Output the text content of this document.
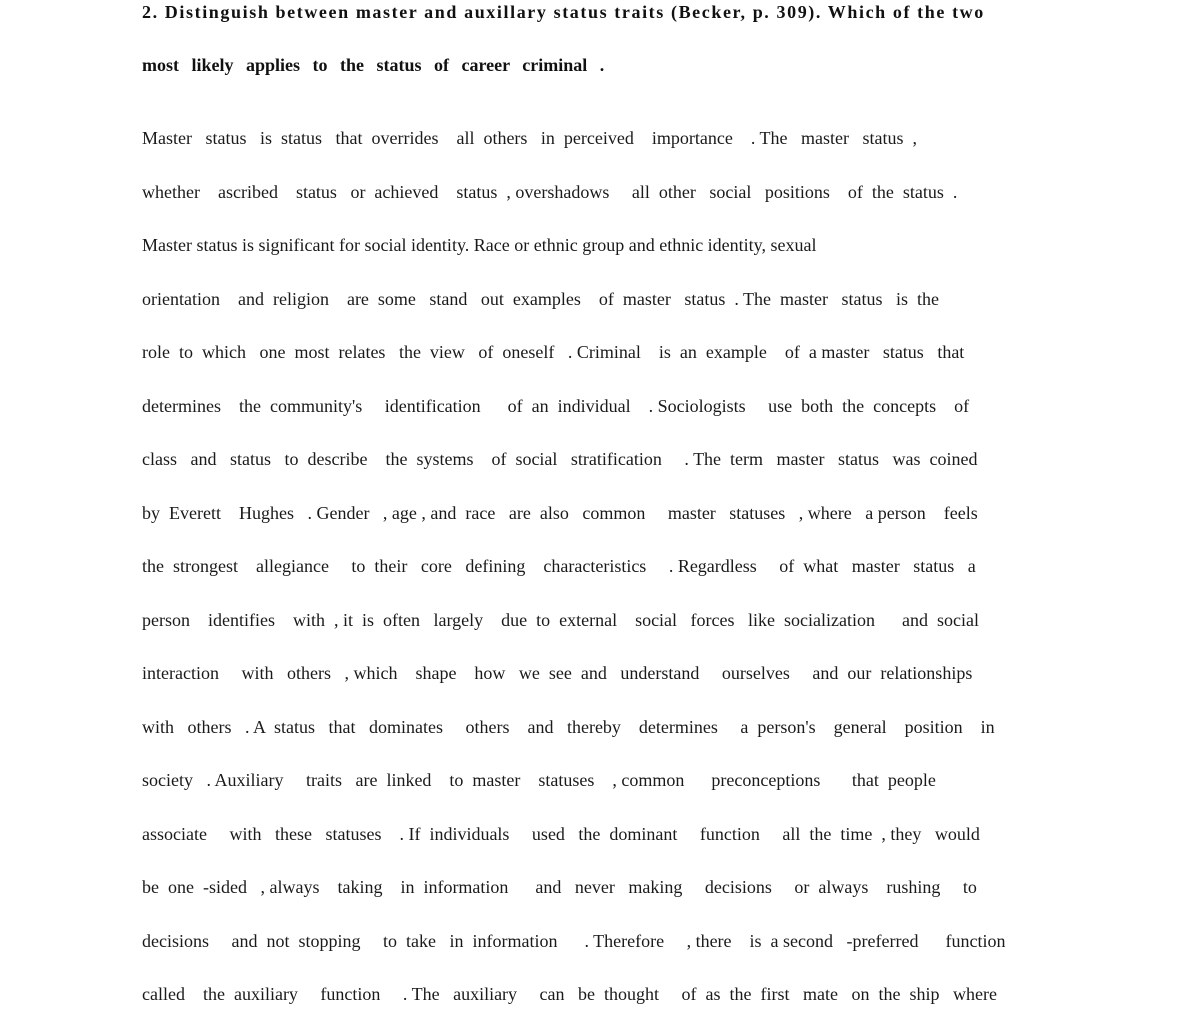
2. Distinguish between master and auxillary status traits (Becker, p. 309). Which of the two
most likely applies to the status of career criminal .
Master   status   is  status   that  overrides    all  others   in  perceived    importance    . The   master   status  ,
whether    ascribed    status   or  achieved    status  , overshadows     all  other   social   positions    of  the  status  .
Master status is significant for social identity. Race or ethnic group and ethnic identity, sexual
orientation    and  religion    are  some   stand   out  examples    of  master   status  . The  master   status   is  the
role  to  which   one  most  relates   the  view   of  oneself   . Criminal    is  an  example    of  a master   status   that
determines    the  community's     identification      of  an  individual    . Sociologists     use  both  the  concepts    of
class   and   status   to  describe    the  systems    of  social   stratification     . The  term   master   status   was  coined
by  Everett    Hughes   . Gender   , age , and  race   are  also   common     master   statuses   , where   a person    feels
the  strongest    allegiance     to  their   core   defining    characteristics     . Regardless     of  what   master   status   a
person    identifies    with  , it  is  often   largely    due  to  external    social   forces   like  socialization      and  social
interaction     with   others   , which    shape    how   we  see  and   understand     ourselves     and  our  relationships
with   others   . A  status   that   dominates     others    and   thereby    determines     a  person's    general    position    in
society   . Auxiliary     traits   are  linked    to  master    statuses    , common      preconceptions       that  people
associate     with   these   statuses    . If  individuals     used   the  dominant     function     all  the  time  , they   would
be  one  -sided   , always    taking    in  information      and   never   making     decisions     or  always    rushing     to
decisions     and  not  stopping     to  take   in  information      . Therefore     , there    is  a second   -preferred      function
called    the  auxiliary     function     . The   auxiliary     can   be  thought     of  as  the  first   mate   on  the  ship   where
